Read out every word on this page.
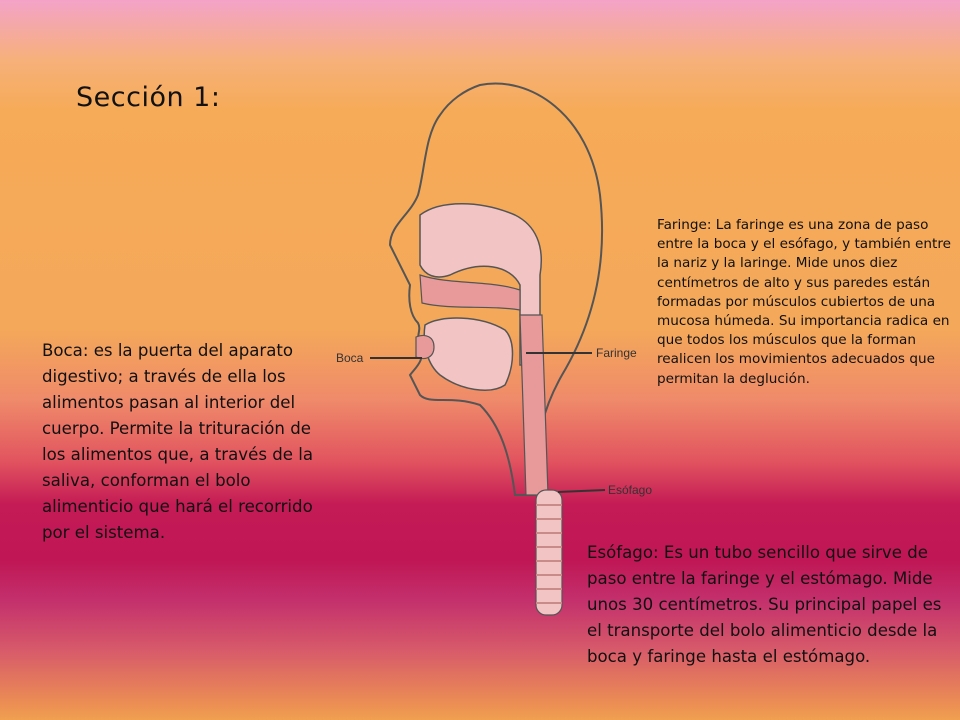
Sección 1:

Boca: es la puerta del aparato digestivo; a través de ella los alimentos pasan al interior del cuerpo. Permite la trituración de los alimentos que, a través de la saliva, conforman el bolo alimenticio que hará el recorrido por el sistema.

Faringe: La faringe es una zona de paso entre la boca y el esófago, y también entre la nariz y la laringe. Mide unos diez centímetros de alto y sus paredes están formadas por músculos cubiertos de una mucosa húmeda. Su importancia radica en que todos los músculos que la forman realicen los movimientos adecuados que permitan la deglución.

Esófago: Es un tubo sencillo que sirve de paso entre la faringe y el estómago. Mide unos 30 centímetros. Su principal papel es el transporte del bolo alimenticio desde la boca y faringe hasta el estómago.

Boca	Faringe
Esófago
